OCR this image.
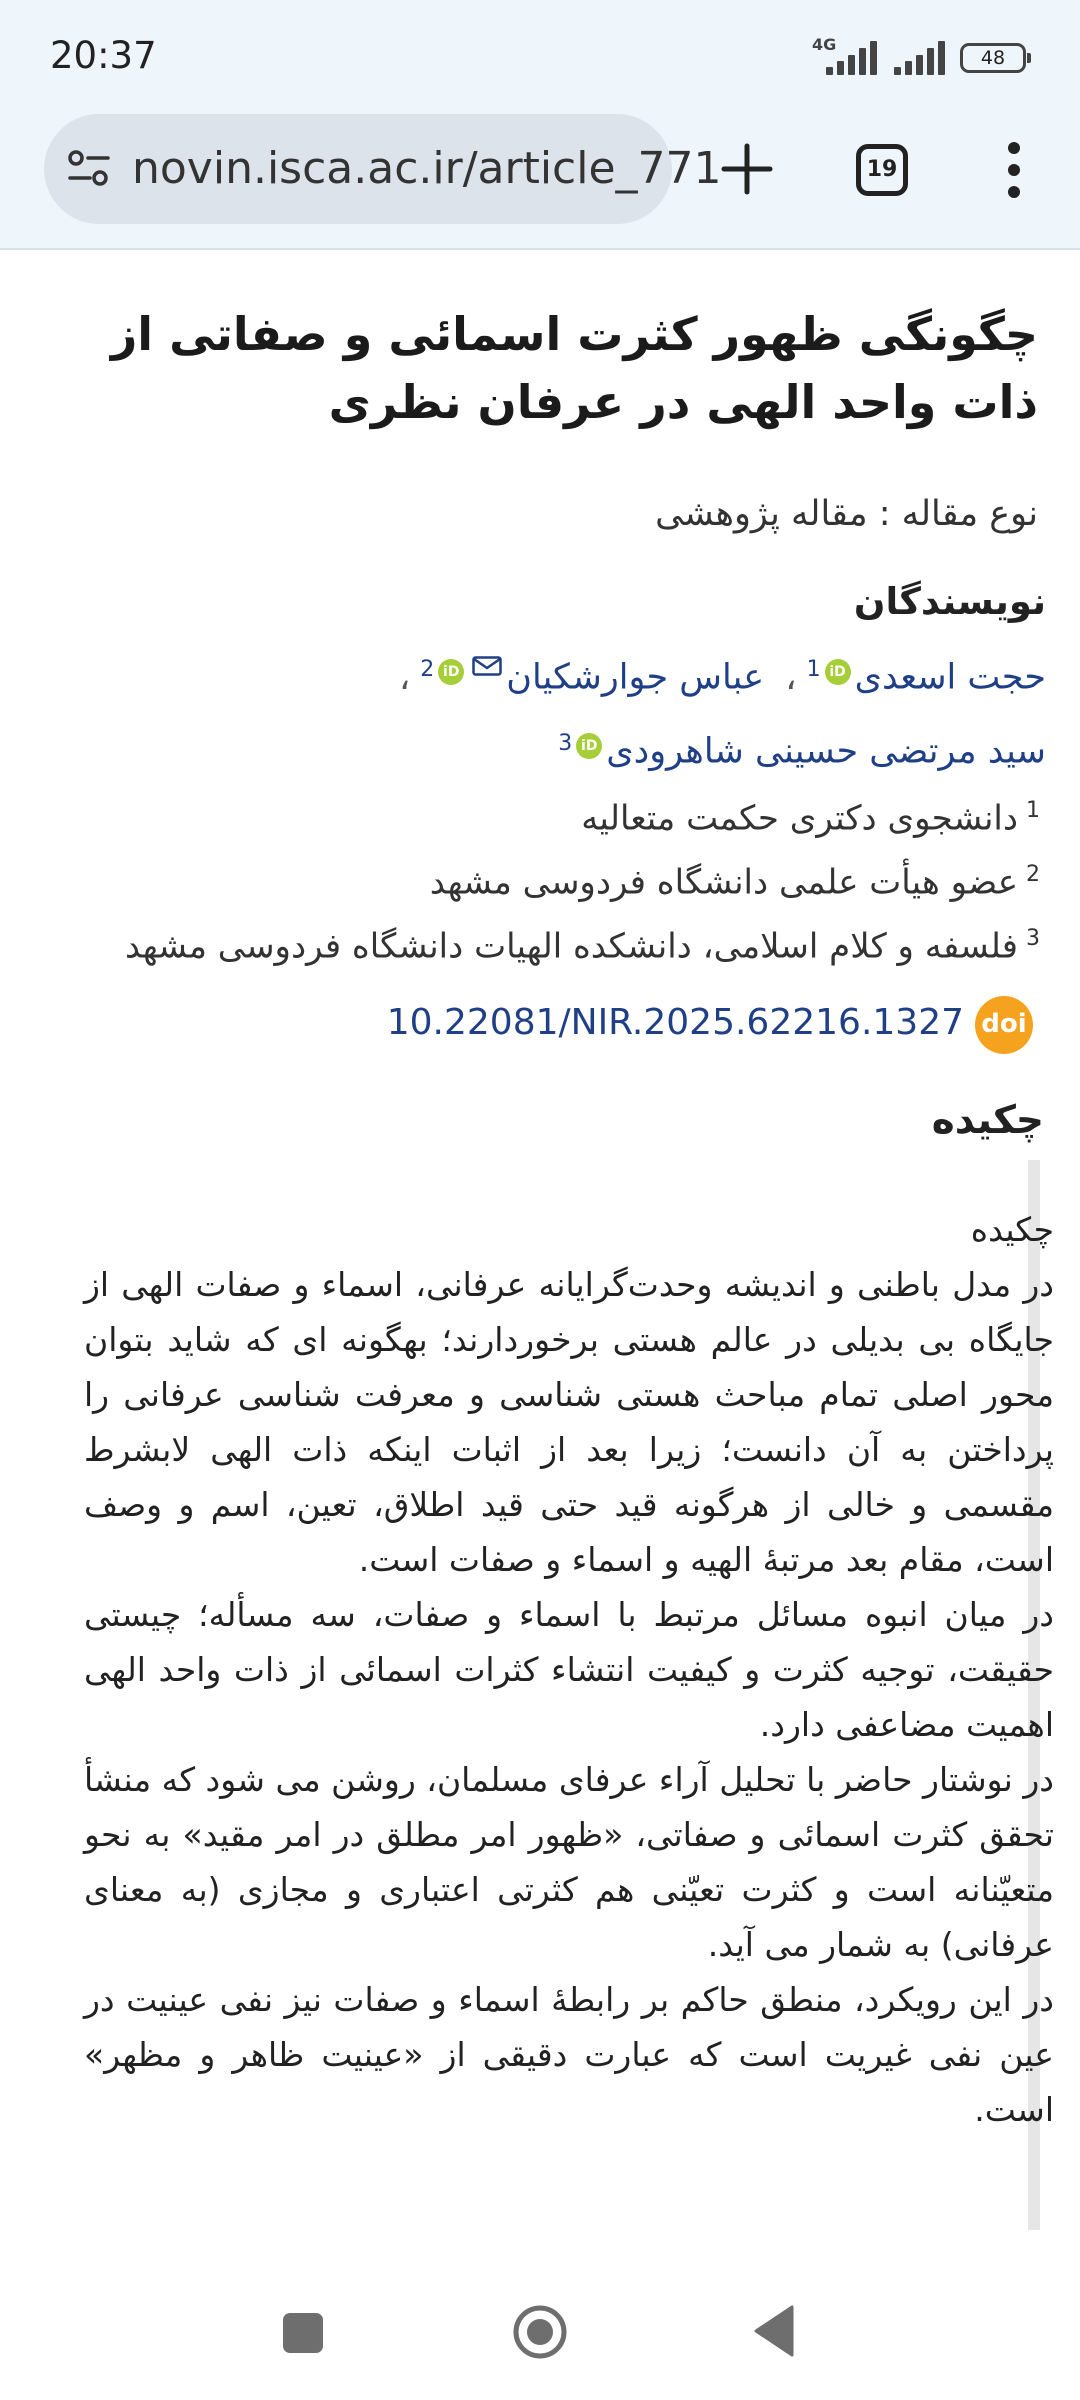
20:37	4G
48
novin.isca.ac.ir/article_771	19
چگونگی ظهور کثرت اسمائی و صفاتی از ذات واحد الهی در عرفان نظری
نوع مقاله : مقاله پژوهشی
نویسندگان
حجت اسعدیiD$^1$، عباس جوارشکیانiD$^2$،
سید مرتضی حسینی شاهرودیiD$^3$
$^1$دانشجوی دکتری حکمت متعالیه
$^2$عضو هیأت علمی دانشگاه فردوسی مشهد
$^3$فلسفه و کلام اسلامی، دانشکده الهیات دانشگاه فردوسی مشهد
doi
10.22081/NIR.2025.62216.1327
چکیده

چکیده

در مدل باطنی و اندیشه وحدت‌گرایانه عرفانی، اسماء و صفات الهی از جایگاه بی بدیلی در عالم هستی برخوردارند؛ بهگونه ای که شاید بتوان محور اصلی تمام مباحث هستی شناسی و معرفت شناسی عرفانی را پرداختن به آن دانست؛ زیرا بعد از اثبات اینکه ذات الهی لابشرط مقسمی و خالی از هرگونه قید حتی قید اطلاق، تعین، اسم و وصف است، مقام بعد مرتبۀ الهیه و اسماء و صفات است.

در میان انبوه مسائل مرتبط با اسماء و صفات، سه مسأله؛ چیستی حقیقت، توجیه کثرت و کیفیت انتشاء کثرات اسمائی از ذات واحد الهی اهمیت مضاعفی دارد.

در نوشتار حاضر با تحلیل آراء عرفای مسلمان، روشن می شود که منشأ تحقق کثرت اسمائی و صفاتی، «ظهور امر مطلق در امر مقید» به نحو متعیّنانه است و کثرت تعیّنی هم کثرتی اعتباری و مجازی (به معنای عرفانی) به شمار می آید.

در این رویکرد، منطق حاکم بر رابطۀ اسماء و صفات نیز نفی عینیت در عین نفی غیریت است که عبارت دقیقی از «عینیت ظاهر و مظهر» است.
